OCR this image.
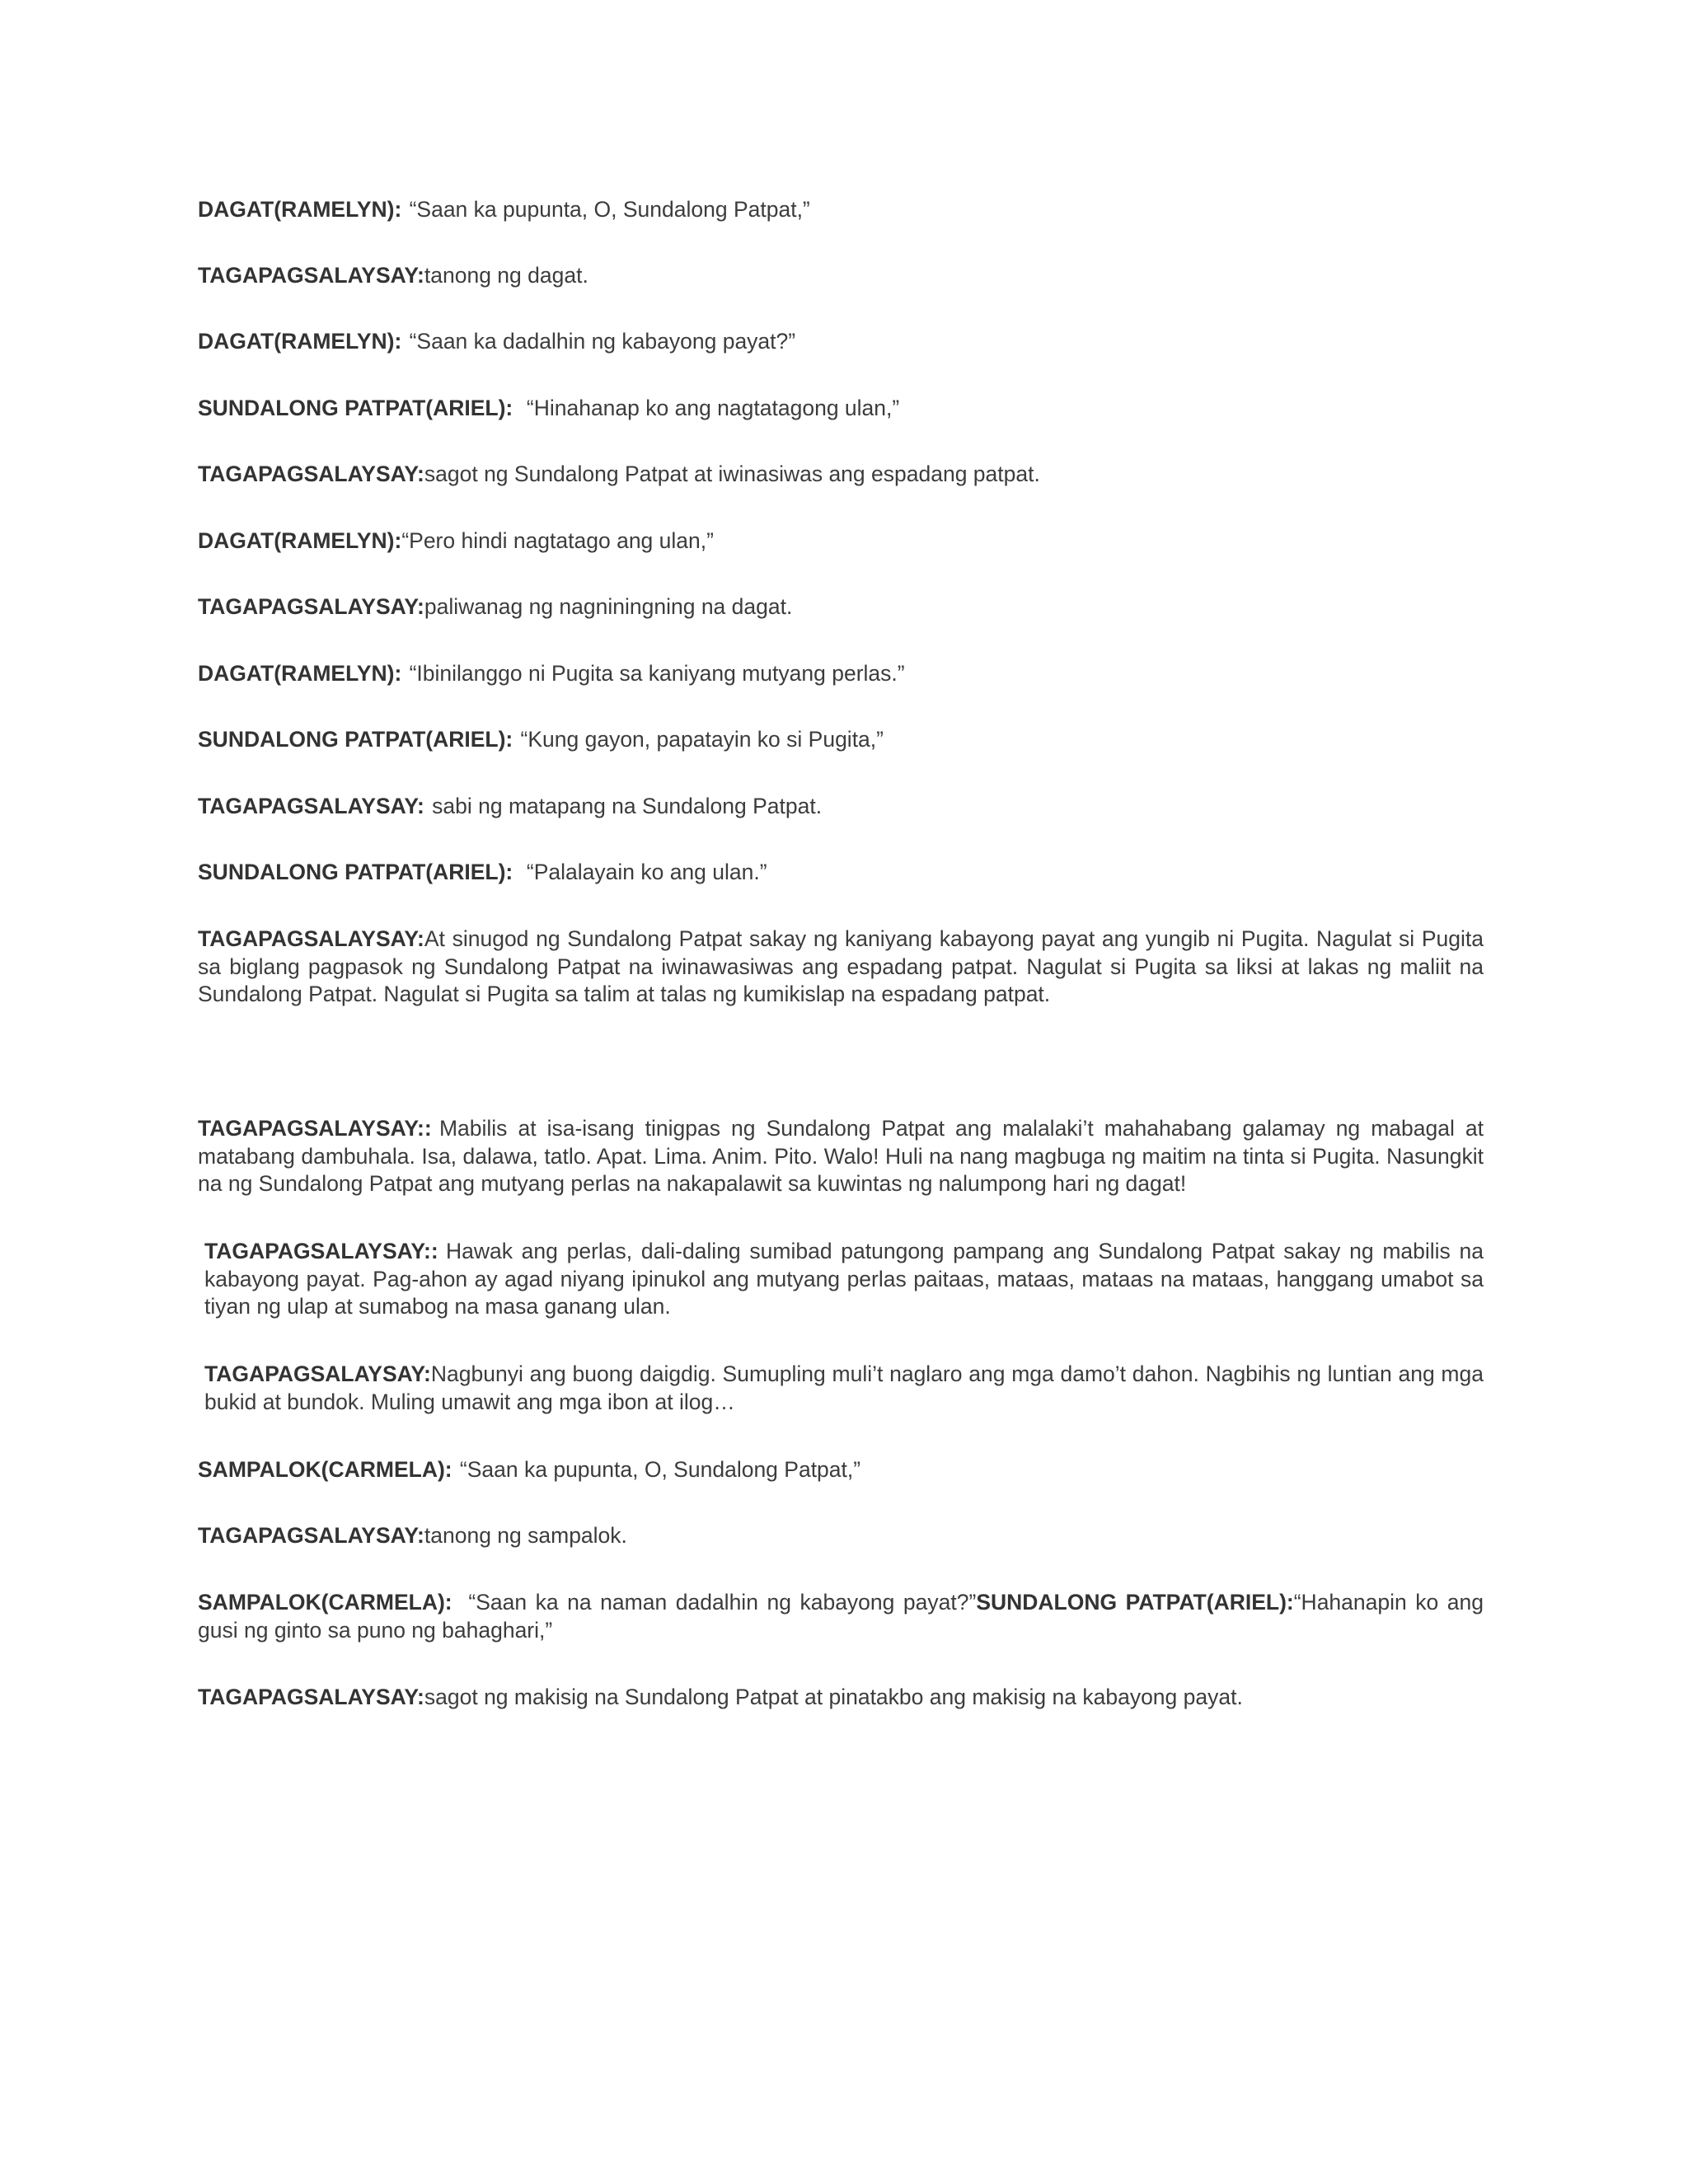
DAGAT(RAMELYN): “Saan ka pupunta, O, Sundalong Patpat,”

TAGAPAGSALAYSAY:tanong ng dagat.

DAGAT(RAMELYN): “Saan ka dadalhin ng kabayong payat?”

SUNDALONG PATPAT(ARIEL): “Hinahanap ko ang nagtatagong ulan,”

TAGAPAGSALAYSAY:sagot ng Sundalong Patpat at iwinasiwas ang espadang patpat.

DAGAT(RAMELYN):“Pero hindi nagtatago ang ulan,”

TAGAPAGSALAYSAY:paliwanag ng nagniningning na dagat.

DAGAT(RAMELYN): “Ibinilanggo ni Pugita sa kaniyang mutyang perlas.”

SUNDALONG PATPAT(ARIEL): “Kung gayon, papatayin ko si Pugita,”

TAGAPAGSALAYSAY: sabi ng matapang na Sundalong Patpat.

SUNDALONG PATPAT(ARIEL): “Palalayain ko ang ulan.”

TAGAPAGSALAYSAY:At sinugod ng Sundalong Patpat sakay ng kaniyang kabayong payat ang yungib ni Pugita. Nagulat si Pugita sa biglang pagpasok ng Sundalong Patpat na iwinawasiwas ang espadang patpat. Nagulat si Pugita sa liksi at lakas ng maliit na Sundalong Patpat. Nagulat si Pugita sa talim at talas ng kumikislap na espadang patpat.

TAGAPAGSALAYSAY:: Mabilis at isa-isang tinigpas ng Sundalong Patpat ang malalaki’t mahahabang galamay ng mabagal at matabang dambuhala. Isa, dalawa, tatlo. Apat. Lima. Anim. Pito. Walo! Huli na nang magbuga ng maitim na tinta si Pugita. Nasungkit na ng Sundalong Patpat ang mutyang perlas na nakapalawit sa kuwintas ng nalumpong hari ng dagat!

TAGAPAGSALAYSAY:: Hawak ang perlas, dali-daling sumibad patungong pampang ang Sundalong Patpat sakay ng mabilis na kabayong payat. Pag-ahon ay agad niyang ipinukol ang mutyang perlas paitaas, mataas, mataas na mataas, hanggang umabot sa tiyan ng ulap at sumabog na masa ganang ulan.

TAGAPAGSALAYSAY:Nagbunyi ang buong daigdig. Sumupling muli’t naglaro ang mga damo’t dahon. Nagbihis ng luntian ang mga bukid at bundok. Muling umawit ang mga ibon at ilog…

SAMPALOK(CARMELA): “Saan ka pupunta, O, Sundalong Patpat,”

TAGAPAGSALAYSAY:tanong ng sampalok.

SAMPALOK(CARMELA): “Saan ka na naman dadalhin ng kabayong payat?”SUNDALONG PATPAT(ARIEL):“Hahanapin ko ang gusi ng ginto sa puno ng bahaghari,”

TAGAPAGSALAYSAY:sagot ng makisig na Sundalong Patpat at pinatakbo ang makisig na kabayong payat.
